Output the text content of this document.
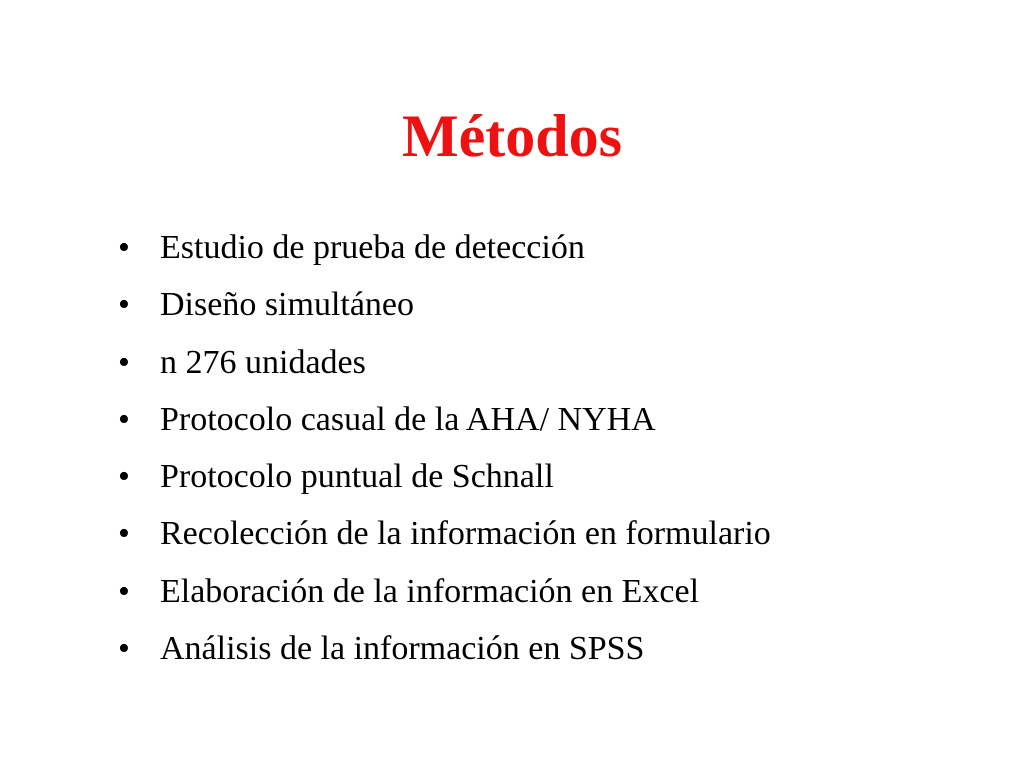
Métodos
• Estudio de prueba de detección
• Diseño simultáneo
• n 276 unidades
• Protocolo casual de la AHA/ NYHA
• Protocolo puntual de Schnall
• Recolección de la información en formulario
• Elaboración de la información en Excel
• Análisis de la información en SPSS
